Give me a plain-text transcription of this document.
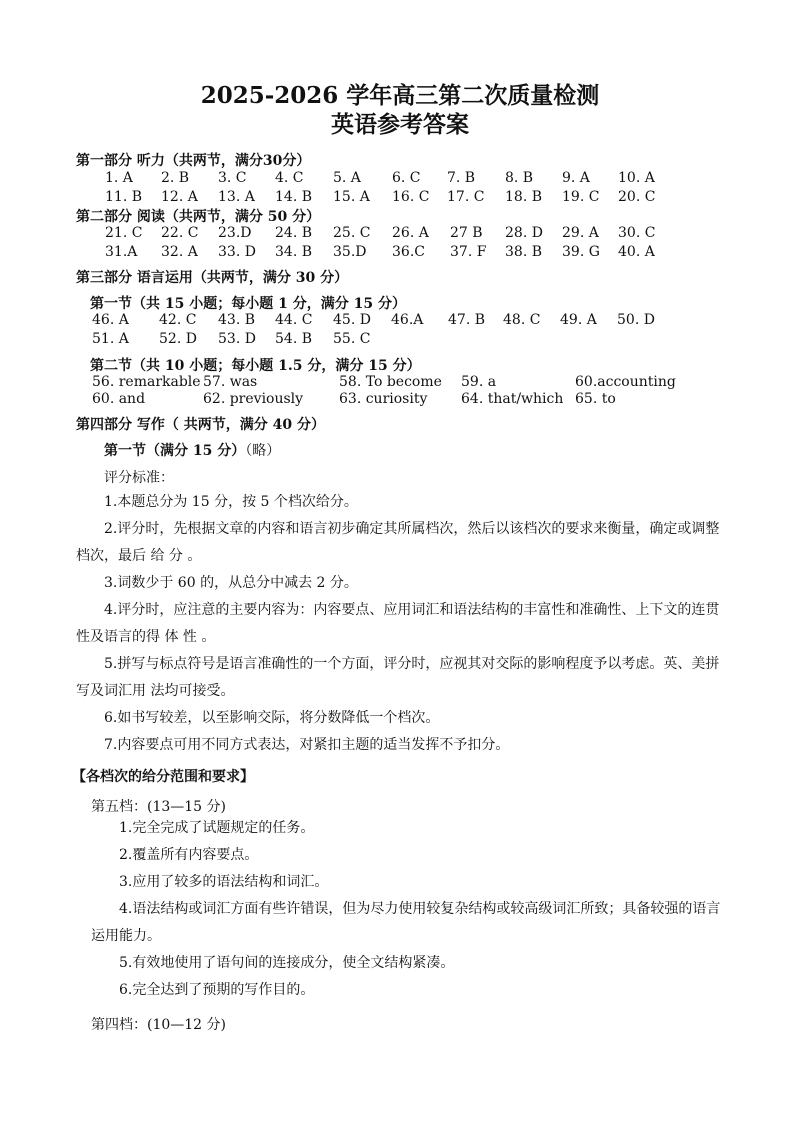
2025-2026 学年高三第二次质量检测
英语参考答案
第一部分 听力（共两节，满分30分）
1. A 2. B 3. C 4. C 5. A 6. C 7. B 8. B 9. A 10. A
11. B 12. A 13. A 14. B 15. A 16. C 17. C 18. B 19. C 20. C
第二部分 阅读（共两节，满分 50 分）
21. C 22. C 23.D 24. B 25. C 26. A 27 B 28. D 29. A 30. C
31.A 32. A 33. D 34. B 35.D 36.C 37. F 38. B 39. G 40. A
第三部分 语言运用（共两节，满分 30 分）
第一节（共 15 小题；每小题 1 分，满分 15 分）
46. A 42. C 43. B 44. C 45. D 46.A 47. B 48. C 49. A 50. D
51. A 52. D 53. D 54. B 55. C
第二节（共 10 小题；每小题 1.5 分，满分 15 分）
56. remarkable 57. was	58. To become 59. a	60.accounting
60. and	62. previously	63. curiosity 64. that/which 65. to
第四部分 写作（ 共两节，满分 40 分）
第一节（满分 15 分）（略）
评分标准：
1.本题总分为 15 分，按 5 个档次给分。
2.评分时，先根据文章的内容和语言初步确定其所属档次，然后以该档次的要求来衡量，确定或调整档次，最后 给 分 。
3.词数少于 60 的，从总分中减去 2 分。
4.评分时，应注意的主要内容为：内容要点、应用词汇和语法结构的丰富性和准确性、上下文的连贯性及语言的得 体 性 。
5.拼写与标点符号是语言准确性的一个方面，评分时，应视其对交际的影响程度予以考虑。英、美拼写及词汇用 法均可接受。
6.如书写较差，以至影响交际，将分数降低一个档次。
7.内容要点可用不同方式表达，对紧扣主题的适当发挥不予扣分。
【各档次的给分范围和要求】
第五档：(13—15 分)
1.完全完成了试题规定的任务。
2.覆盖所有内容要点。
3.应用了较多的语法结构和词汇。
4.语法结构或词汇方面有些许错误，但为尽力使用较复杂结构或较高级词汇所致；具备较强的语言运用能力。
5.有效地使用了语句间的连接成分，使全文结构紧凑。
6.完全达到了预期的写作目的。
第四档：(10—12 分)
